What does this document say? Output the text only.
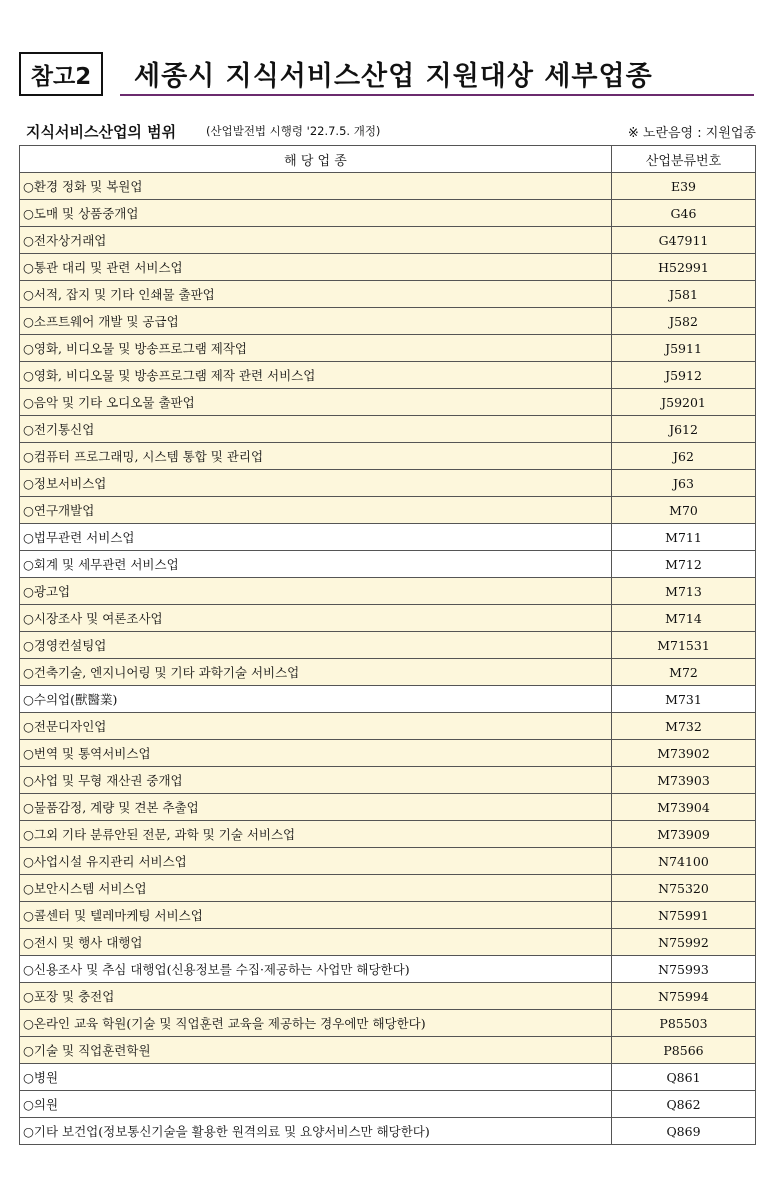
참고2	세종시 지식서비스산업 지원대상 세부업종
지식서비스산업의 범위	(산업발전법 시행령 '22.7.5. 개정)	※ 노란음영 : 지원업종
해 당 업 종	산업분류번호
○환경 정화 및 복원업	E39
○도매 및 상품중개업	G46
○전자상거래업	G47911
○통관 대리 및 관련 서비스업	H52991
○서적, 잡지 및 기타 인쇄물 출판업	J581
○소프트웨어 개발 및 공급업	J582
○영화, 비디오물 및 방송프로그램 제작업	J5911
○영화, 비디오물 및 방송프로그램 제작 관련 서비스업	J5912
○음악 및 기타 오디오물 출판업	J59201
○전기통신업	J612
○컴퓨터 프로그래밍, 시스템 통합 및 관리업	J62
○정보서비스업	J63
○연구개발업	M70
○법무관련 서비스업	M711
○회계 및 세무관련 서비스업	M712
○광고업	M713
○시장조사 및 여론조사업	M714
○경영컨설팅업	M71531
○건축기술, 엔지니어링 및 기타 과학기술 서비스업	M72
○수의업(獸醫業)	M731
○전문디자인업	M732
○번역 및 통역서비스업	M73902
○사업 및 무형 재산권 중개업	M73903
○물품감정, 계량 및 견본 추출업	M73904
○그외 기타 분류안된 전문, 과학 및 기술 서비스업	M73909
○사업시설 유지관리 서비스업	N74100
○보안시스템 서비스업	N75320
○콜센터 및 텔레마케팅 서비스업	N75991
○전시 및 행사 대행업	N75992
○신용조사 및 추심 대행업(신용정보를 수집·제공하는 사업만 해당한다)	N75993
○포장 및 충전업	N75994
○온라인 교육 학원(기술 및 직업훈련 교육을 제공하는 경우에만 해당한다)	P85503
○기술 및 직업훈련학원	P8566
○병원	Q861
○의원	Q862
○기타 보건업(정보통신기술을 활용한 원격의료 및 요양서비스만 해당한다)	Q869
